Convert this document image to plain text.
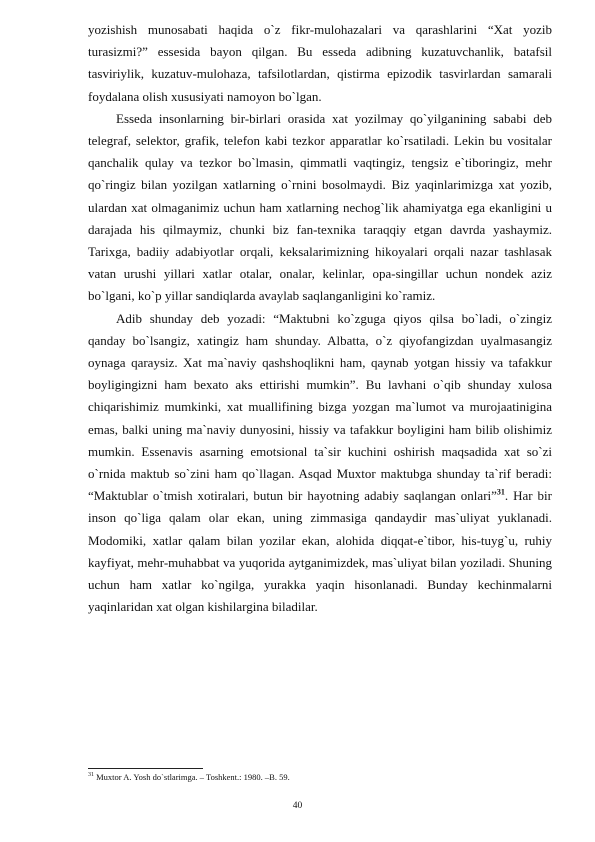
yozishish munosabati haqida o`z fikr-mulohazalari va qarashlarini “Xat yozib turasizmi?” essesida bayon qilgan. Bu esseda adibning kuzatuvchanlik, batafsil tasviriylik, kuzatuv-mulohaza, tafsilotlardan, qistirma epizodik tasvirlardan samarali foydalana olish xususiyati namoyon bo`lgan.

Esseda insonlarning bir-birlari orasida xat yozilmay qo`yilganining sababi deb telegraf, selektor, grafik, telefon kabi tezkor apparatlar ko`rsatiladi. Lekin bu vositalar qanchalik qulay va tezkor bo`lmasin, qimmatli vaqtingiz, tengsiz e`tiboringiz, mehr qo`ringiz bilan yozilgan xatlarning o`rnini bosolmaydi. Biz yaqinlarimizga xat yozib, ulardan xat olmaganimiz uchun ham xatlarning nechog`lik ahamiyatga ega ekanligini u darajada his qilmaymiz, chunki biz fan-texnika taraqqiy etgan davrda yashaymiz. Tarixga, badiiy adabiyotlar orqali, keksalarimizning hikoyalari orqali nazar tashlasak vatan urushi yillari xatlar otalar, onalar, kelinlar, opa-singillar uchun nondek aziz bo`lgani, ko`p yillar sandiqlarda avaylab saqlanganligini ko`ramiz.

Adib shunday deb yozadi: “Maktubni ko`zguga qiyos qilsa bo`ladi, o`zingiz qanday bo`lsangiz, xatingiz ham shunday. Albatta, o`z qiyofangizdan uyalmasangiz oynaga qaraysiz. Xat ma`naviy qashshoqlikni ham, qaynab yotgan hissiy va tafakkur boyligingizni ham bexato aks ettirishi mumkin”. Bu lavhani o`qib shunday xulosa chiqarishimiz mumkinki, xat muallifining bizga yozgan ma`lumot va murojaatinigina emas, balki uning ma`naviy dunyosini, hissiy va tafakkur boyligini ham bilib olishimiz mumkin. Essenavis asarning emotsional ta`sir kuchini oshirish maqsadida xat so`zi o`rnida maktub so`zini ham qo`llagan. Asqad Muxtor maktubga shunday ta`rif beradi: “Maktublar o`tmish xotiralari, butun bir hayotning adabiy saqlangan onlari”$^{31}$. Har bir inson qo`liga qalam olar ekan, uning zimmasiga qandaydir mas`uliyat yuklanadi. Modomiki, xatlar qalam bilan yozilar ekan, alohida diqqat-e`tibor, his-tuyg`u, ruhiy kayfiyat, mehr-muhabbat va yuqorida aytganimizdek, mas`uliyat bilan yoziladi. Shuning uchun ham xatlar ko`ngilga, yurakka yaqin hisonlanadi. Bunday kechinmalarni yaqinlaridan xat olgan kishilargina biladilar.

$^{31}$ Muxtor A. Yosh do`stlarimga. – Toshkent.: 1980. –B. 59.
40
